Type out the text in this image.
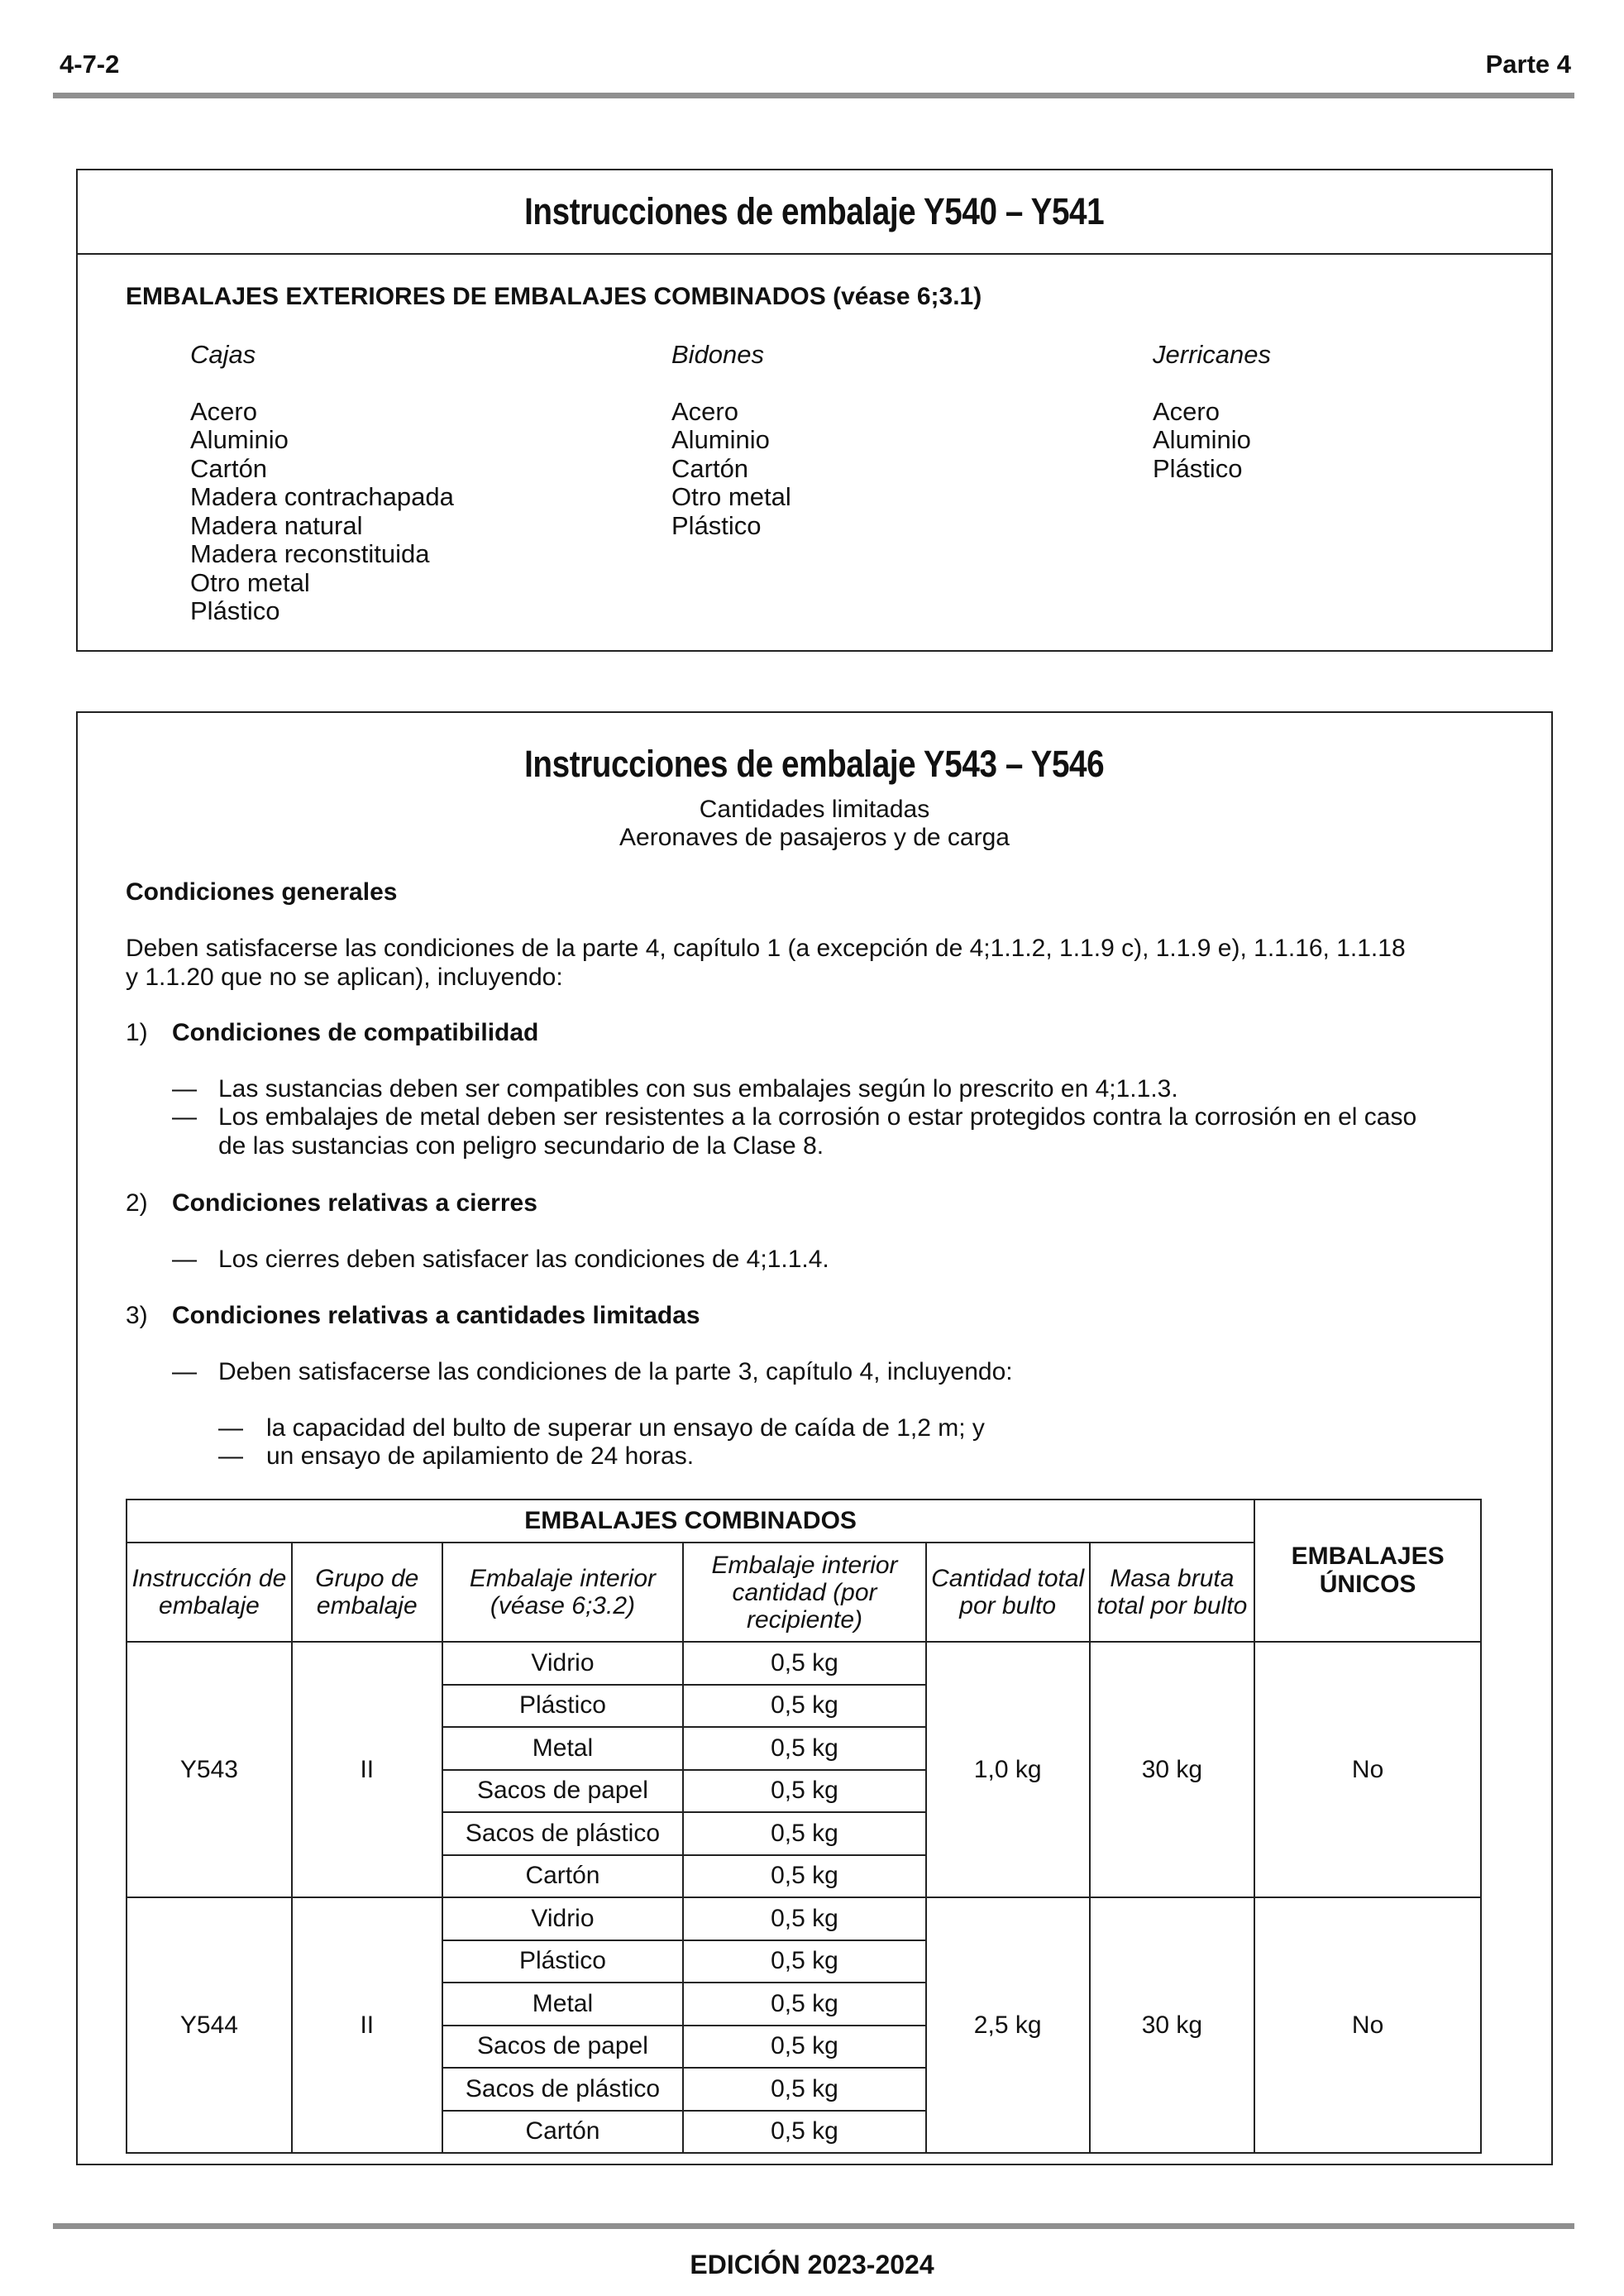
4-7-2	Parte 4
Instrucciones de embalaje Y540 – Y541
EMBALAJES EXTERIORES DE EMBALAJES COMBINADOS (véase 6;3.1)
Cajas
Acero
Aluminio
Cartón
Madera contrachapada
Madera natural
Madera reconstituida
Otro metal
Plástico
Bidones
Acero
Aluminio
Cartón
Otro metal
Plástico
Jerricanes
Acero
Aluminio
Plástico
Instrucciones de embalaje Y543 – Y546
Cantidades limitadas
Aeronaves de pasajeros y de carga
Condiciones generales
Deben satisfacerse las condiciones de la parte 4, capítulo 1 (a excepción de 4;1.1.2, 1.1.9 c), 1.1.9 e), 1.1.16, 1.1.18
y 1.1.20 que no se aplican), incluyendo:
1) Condiciones de compatibilidad
— Las sustancias deben ser compatibles con sus embalajes según lo prescrito en 4;1.1.3.
— Los embalajes de metal deben ser resistentes a la corrosión o estar protegidos contra la corrosión en el caso
de las sustancias con peligro secundario de la Clase 8.
2) Condiciones relativas a cierres
— Los cierres deben satisfacer las condiciones de 4;1.1.4.
3) Condiciones relativas a cantidades limitadas
— Deben satisfacerse las condiciones de la parte 3, capítulo 4, incluyendo:
— la capacidad del bulto de superar un ensayo de caída de 1,2 m; y
— un ensayo de apilamiento de 24 horas.
EMBALAJES COMBINADOS						EMBALAJES ÚNICOS
Instrucción de embalaje	Grupo de embalaje	Embalaje interior (véase 6;3.2)	Embalaje interior cantidad (por recipiente)	Cantidad total por bulto	Masa bruta total por bulto	
Y543	II	Vidrio	0,5 kg	1,0 kg	30 kg	No
		Plástico	0,5 kg			
		Metal	0,5 kg			
		Sacos de papel	0,5 kg			
		Sacos de plástico	0,5 kg			
		Cartón	0,5 kg			
Y544	II	Vidrio	0,5 kg	2,5 kg	30 kg	No
		Plástico	0,5 kg			
		Metal	0,5 kg			
		Sacos de papel	0,5 kg			
		Sacos de plástico	0,5 kg			
		Cartón	0,5 kg			
EDICIÓN 2023-2024
